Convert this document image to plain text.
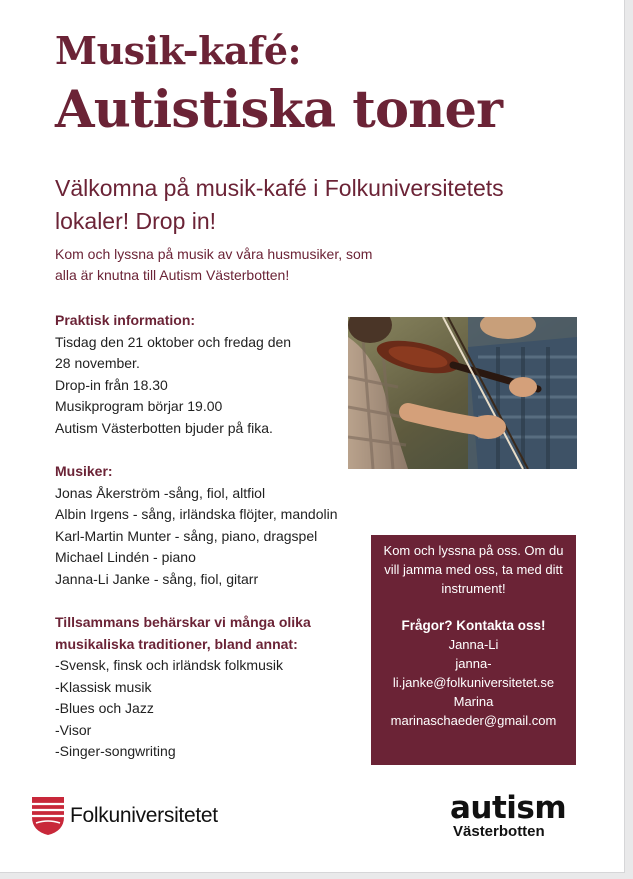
Musik-kafé:
Autistiska toner
Välkomna på musik-kafé i Folkuniversitetets lokaler! Drop in!
Kom och lyssna på musik av våra husmusiker, som alla är knutna till Autism Västerbotten!
Praktisk information:
Tisdag den 21 oktober och fredag den
28 november.
Drop-in från 18.30
Musikprogram börjar 19.00
Autism Västerbotten bjuder på fika.
Musiker:
Jonas Åkerström -sång, fiol, altfiol
Albin Irgens - sång, irländska flöjter, mandolin
Karl-Martin Munter - sång, piano, dragspel
Michael Lindén - piano
Janna-Li Janke - sång, fiol, gitarr
Tillsammans behärskar vi många olika musikaliska traditioner, bland annat:
-Svensk, finsk och irländsk folkmusik
-Klassisk musik
-Blues och Jazz
-Visor
-Singer-songwriting
Kom och lyssna på oss. Om du vill jamma med oss, ta med ditt instrument!
Frågor? Kontakta oss!
Janna-Li
janna-li.janke@folkuniversitetet.se
Marina
marinaschaeder@gmail.com
Folkuniversitetet	autism
Västerbotten
